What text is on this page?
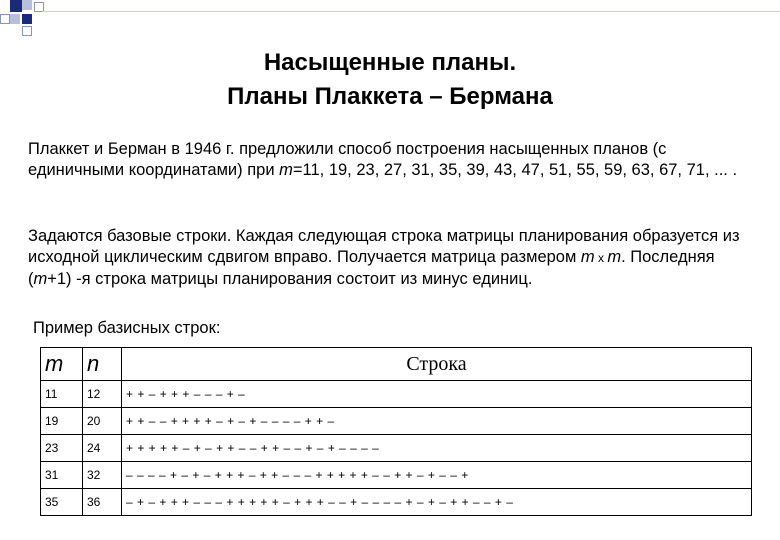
Насыщенные планы.
Планы Плаккета – Бермана
Плаккет и Берман в 1946 г. предложили способ построения насыщенных планов (с единичными координатами) при m=11, 19, 23, 27, 31, 35, 39, 43, 47, 51, 55, 59, 63, 67, 71, ... .
Задаются базовые строки. Каждая следующая строка матрицы планирования образуется из исходной циклическим сдвигом вправо. Получается матрица размером m x m. Последняя (m+1) -я строка матрицы планирования состоит из минус единиц.
Пример базисных строк:
m	n	Строка
11	12	+ + – + + + – – – + –
19	20	+ + – – + + + + – + – + – – – – + + –
23	24	+ + + + + – + – + + – – + + – – + – + – – – –
31	32	– – – – + – + – + + + – + + – – – + + + + + – – + + – + – – +
35	36	– + – + + + – – – + + + + + – + + + – – + – – – – + – + – + + – – + –
